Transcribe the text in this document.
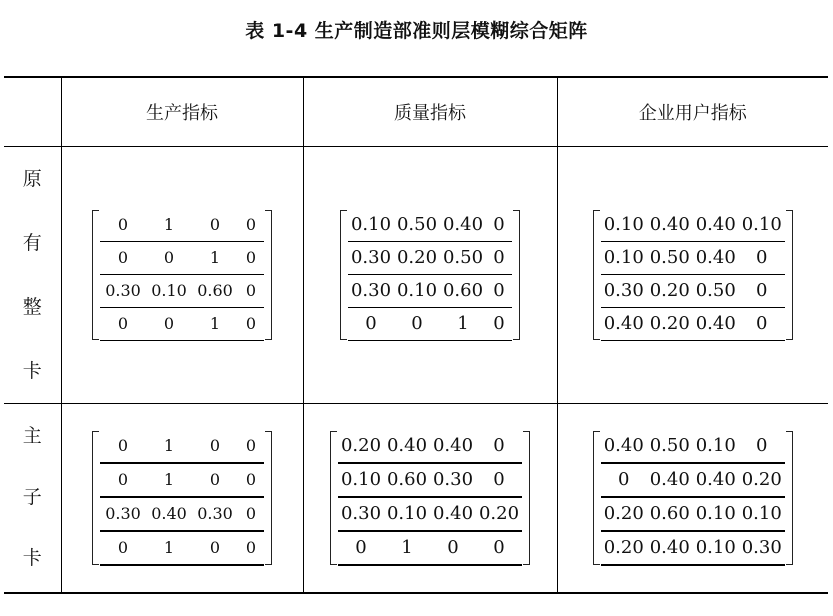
表 1-4 生产制造部准则层模糊综合矩阵
	生产指标	质量指标	企业用户指标

原
有
整
卡

0	1	0	0
0	0	1	0
0.30	0.10	0.60	0
0	0	1	0

0.10	0.50	0.40	0
0.30	0.20	0.50	0
0.30	0.10	0.60	0
0	0	1	0

0.10	0.40	0.40	0.10
0.10	0.50	0.40	0
0.30	0.20	0.50	0
0.40	0.20	0.40	0

主
子
卡

0	1	0	0
0	1	0	0
0.30	0.40	0.30	0
0	1	0	0

0.20	0.40	0.40	0
0.10	0.60	0.30	0
0.30	0.10	0.40	0.20
0	1	0	0

0.40	0.50	0.10	0
0	0.40	0.40	0.20
0.20	0.60	0.10	0.10
0.20	0.40	0.10	0.30
